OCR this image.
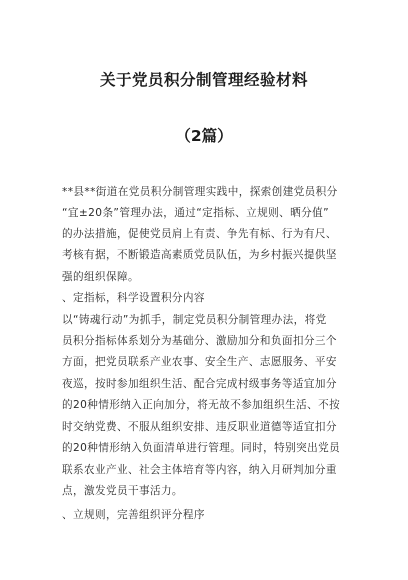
关于党员积分制管理经验材料
（2篇）
**县**街道在党员积分制管理实践中，探索创建党员积分
“宜±20条”管理办法，通过“定指标、立规则、晒分值”
的办法措施，促使党员肩上有责、争先有标、行为有尺、
考核有据，不断锻造高素质党员队伍，为乡村振兴提供坚
强的组织保障。
、定指标，科学设置积分内容
以“铸魂行动”为抓手，制定党员积分制管理办法，将党
员积分指标体系划分为基础分、激励加分和负面扣分三个
方面，把党员联系产业农事、安全生产、志愿服务、平安
夜巡，按时参加组织生活、配合完成村级事务等适宜加分
的20种情形纳入正向加分，将无故不参加组织生活、不按
时交纳党费、不服从组织安排、违反职业道德等适宜扣分
的20种情形纳入负面清单进行管理。同时，特别突出党员
联系农业产业、社会主体培育等内容，纳入月研判加分重
点，激发党员干事活力。
、立规则，完善组织评分程序
